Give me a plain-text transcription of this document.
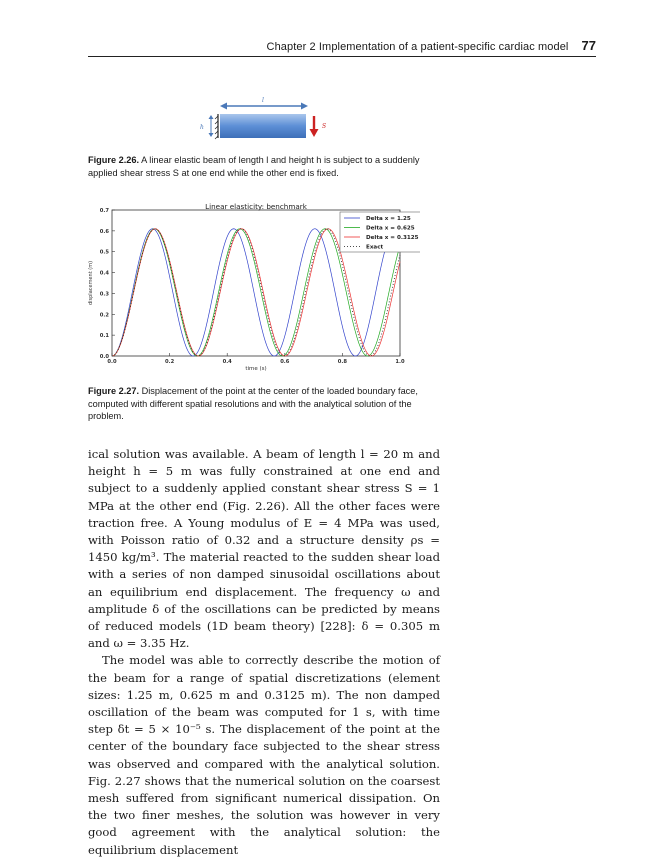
Chapter 2 Implementation of a patient-specific cardiac model 77
l
h	S
Figure 2.26. A linear elastic beam of length l and height h is subject to a suddenly applied shear stress S at one end while the other end is fixed.
Linear elasticity: benchmark
0.0	0.2	0.4	0.6	0.8	1.0
0.0
0.1
0.2
0.3
0.4
0.5
0.6
0.7
time (s)
displacement (m)
Delta x = 1.25
Delta x = 0.625
Delta x = 0.3125
Exact
Figure 2.27. Displacement of the point at the center of the loaded boundary face, computed with different spatial resolutions and with the analytical solution of the problem.

ical solution was available. A beam of length l = 20 m and height h = 5 m was fully constrained at one end and subject to a suddenly applied constant shear stress S = 1 MPa at the other end (Fig. 2.26). All the other faces were traction free. A Young modulus of E = 4 MPa was used, with Poisson ratio of 0.32 and a structure density ρs = 1450 kg/m³. The material reacted to the sudden shear load with a series of non damped sinusoidal oscillations about an equilibrium end displacement. The frequency ω and amplitude δ of the oscillations can be predicted by means of reduced models (1D beam theory) [228]: δ = 0.305 m and ω = 3.35 Hz.

The model was able to correctly describe the motion of the beam for a range of spatial discretizations (element sizes: 1.25 m, 0.625 m and 0.3125 m). The non damped oscillation of the beam was computed for 1 s, with time step δt = 5 × 10⁻⁵ s. The displacement of the point at the center of the boundary face subjected to the shear stress was observed and compared with the analytical solution. Fig. 2.27 shows that the numerical solution on the coarsest mesh suffered from significant numerical dissipation. On the two finer meshes, the solution was however in very good agreement with the analytical solution: the equilibrium displacement
